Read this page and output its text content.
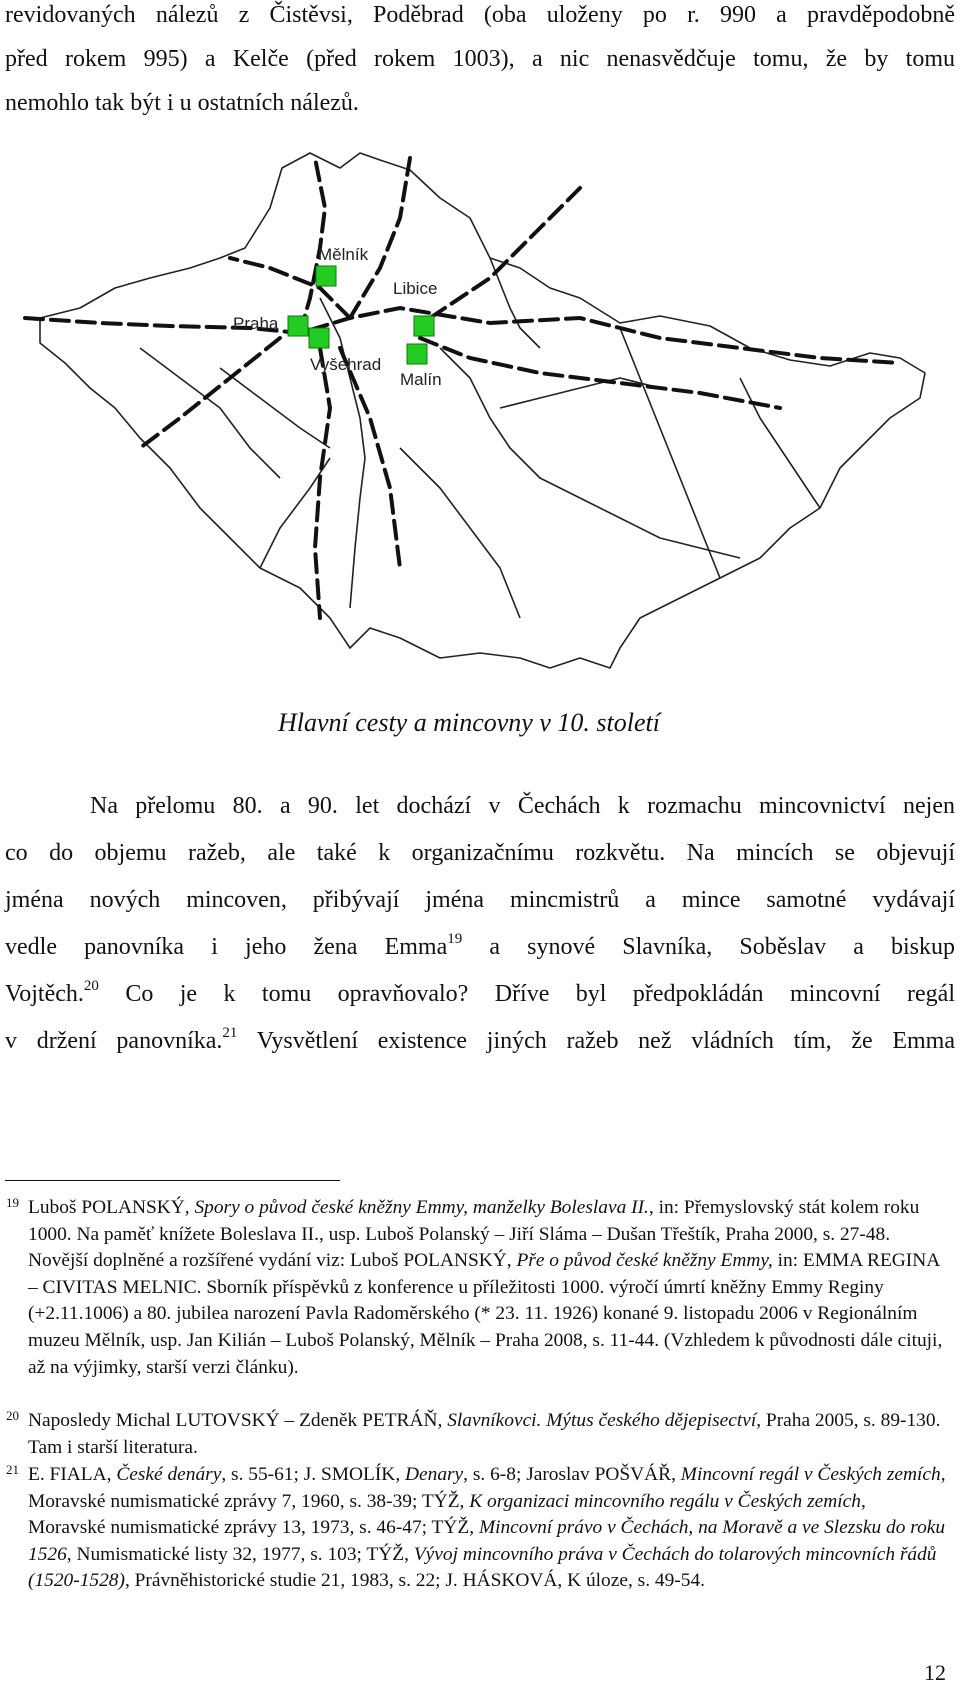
revidovaných nálezů z Čistěvsi, Poděbrad (oba uloženy po r. 990 a pravděpodobně
před rokem 995) a Kelče (před rokem 1003), a nic nenasvědčuje tomu, že by tomu
nemohlo tak být i u ostatních nálezů.
Mělník
Libice
Praha
Vyšehrad
Malín
Hlavní cesty a mincovny v 10. století
Na přelomu 80. a 90. let dochází v Čechách k rozmachu mincovnictví nejen
co do objemu ražeb, ale také k organizačnímu rozkvětu. Na mincích se objevují
jména nových mincoven, přibývají jména mincmistrů a mince samotné vydávají
vedle panovníka i jeho žena Emma$^{19}$ a synové Slavníka, Soběslav a biskup
Vojtěch.$^{20}$ Co je k tomu opravňovalo? Dříve byl předpokládán mincovní regál
v držení panovníka.$^{21}$ Vysvětlení existence jiných ražeb než vládních tím, že Emma
19 Luboš POLANSKÝ, Spory o původ české kněžny Emmy, manželky Boleslava II., in: Přemyslovský stát kolem roku 1000. Na paměť knížete Boleslava II., usp. Luboš Polanský – Jiří Sláma – Dušan Třeštík, Praha 2000, s. 27-48. Novější doplněné a rozšířené vydání viz: Luboš POLANSKÝ, Pře o původ české kněžny Emmy, in: EMMA REGINA – CIVITAS MELNIC. Sborník příspěvků z konference u příležitosti 1000. výročí úmrtí kněžny Emmy Reginy (+2.11.1006) a 80. jubilea narození Pavla Radoměrského (* 23. 11. 1926) konané 9. listopadu 2006 v Regionálním muzeu Mělník, usp. Jan Kilián – Luboš Polanský, Mělník – Praha 2008, s. 11-44. (Vzhledem k původnosti dále cituji, až na výjimky, starší verzi článku).
20 Naposledy Michal LUTOVSKÝ – Zdeněk PETRÁŇ, Slavníkovci. Mýtus českého dějepisectví, Praha 2005, s. 89-130. Tam i starší literatura.
21 E. FIALA, České denáry, s. 55-61; J. SMOLÍK, Denary, s. 6-8; Jaroslav POŠVÁŘ, Mincovní regál v Českých zemích, Moravské numismatické zprávy 7, 1960, s. 38-39; TÝŽ, K organizaci mincovního regálu v Českých zemích, Moravské numismatické zprávy 13, 1973, s. 46-47; TÝŽ, Mincovní právo v Čechách, na Moravě a ve Slezsku do roku 1526, Numismatické listy 32, 1977, s. 103; TÝŽ, Vývoj mincovního práva v Čechách do tolarových mincovních řádů (1520-1528), Právněhistorické studie 21, 1983, s. 22; J. HÁSKOVÁ, K úloze, s. 49-54.
12
